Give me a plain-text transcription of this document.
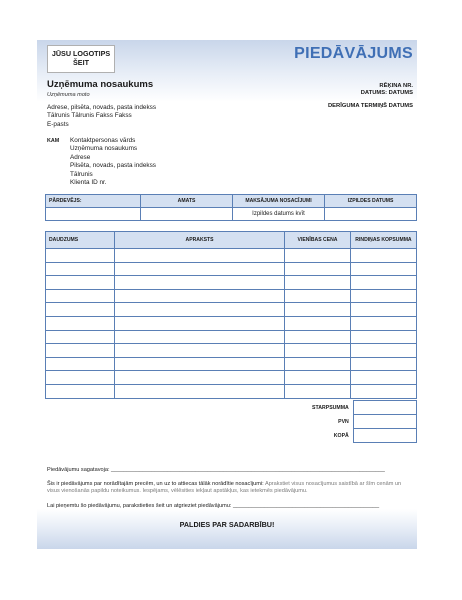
JŪSU LOGOTIPS
ŠEIT	PIEDĀVĀJUMS
Uzņēmuma nosaukums
Uzņēmuma moto
RĒĶINA NR.
DATUMS: DATUMS
DERĪGUMA TERMIŅŠ DATUMS
Adrese, pilsēta, novads, pasta indekss
Tālrunis Tālrunis Fakss Fakss
E-pasts
KAM Kontaktpersonas vārds
Uzņēmuma nosaukums
Adrese
Pilsēta, novads, pasta indekss
Tālrunis
Klienta ID nr.
PĀRDEVĒJS:	AMATS	MAKSĀJUMA NOSACĪJUMI	IZPILDES DATUMS
		Izpildes datums kvīt	
DAUDZUMS	APRAKSTS	VIENĪBAS CENA	RINDIŅAS KOPSUMMA

STARPSUMMA	
PVN	
KOPĀ	
Piedāvājumu sagatavoja: ________________________________________________________________________________________
Šis ir piedāvājums par norādītajām precēm, un uz to attiecas tālāk norādītie nosacījumi: Aprakstiet visus nosacījumus saistībā ar šīm cenām un visus vienošanās papildu noteikumus. Iespējams, vēlēsities iekļaut apstākļus, kas ietekmēs piedāvājumu.
Lai pieņemtu šo piedāvājumu, parakstieties šeit un atgrieziet piedāvājumu: _______________________________________________
PALDIES PAR SADARBĪBU!
